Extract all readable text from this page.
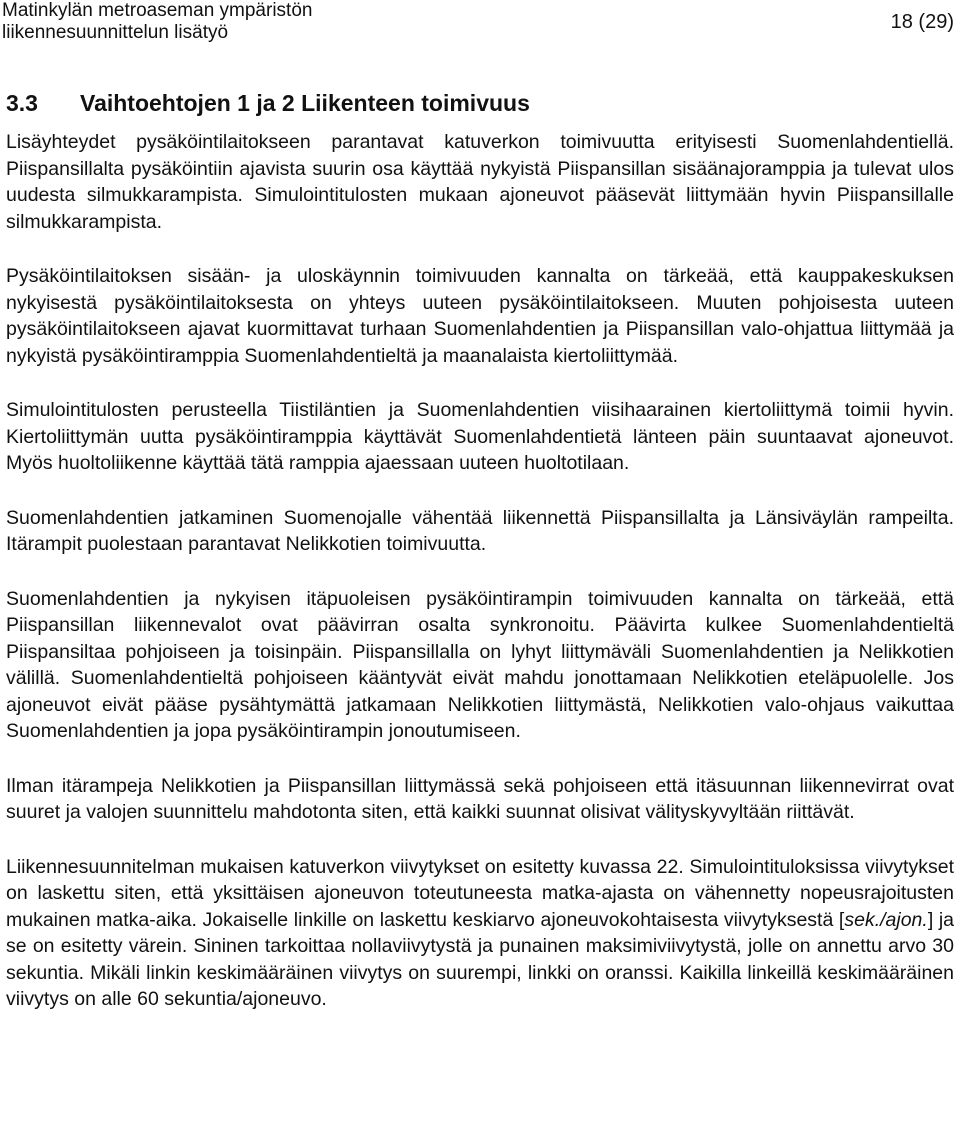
Matinkylän metroaseman ympäristön
liikennesuunnittelun lisätyö	18 (29)
3.3 Vaihtoehtojen 1 ja 2 Liikenteen toimivuus

Lisäyhteydet pysäköintilaitokseen parantavat katuverkon toimivuutta erityisesti Suomenlahdentiellä. Piispansillalta pysäköintiin ajavista suurin osa käyttää nykyistä Piispansillan sisäänajoramppia ja tulevat ulos uudesta silmukkarampista. Simulointitulosten mukaan ajoneuvot pääsevät liittymään hyvin Piispansillalle silmukkarampista.

Pysäköintilaitoksen sisään- ja uloskäynnin toimivuuden kannalta on tärkeää, että kauppakeskuksen nykyisestä pysäköintilaitoksesta on yhteys uuteen pysäköintilaitokseen. Muuten pohjoisesta uuteen pysäköintilaitokseen ajavat kuormittavat turhaan Suomenlahdentien ja Piispansillan valo-ohjattua liittymää ja nykyistä pysäköintiramppia Suomenlahdentieltä ja maanalaista kiertoliittymää.

Simulointitulosten perusteella Tiistiläntien ja Suomenlahdentien viisihaarainen kiertoliittymä toimii hyvin. Kiertoliittymän uutta pysäköintiramppia käyttävät Suomenlahdentietä länteen päin suuntaavat ajoneuvot. Myös huoltoliikenne käyttää tätä ramppia ajaessaan uuteen huoltotilaan.

Suomenlahdentien jatkaminen Suomenojalle vähentää liikennettä Piispansillalta ja Länsiväylän rampeilta. Itärampit puolestaan parantavat Nelikkotien toimivuutta.

Suomenlahdentien ja nykyisen itäpuoleisen pysäköintirampin toimivuuden kannalta on tärkeää, että Piispansillan liikennevalot ovat päävirran osalta synkronoitu. Päävirta kulkee Suomenlahdentieltä Piispansiltaa pohjoiseen ja toisinpäin. Piispansillalla on lyhyt liittymäväli Suomenlahdentien ja Nelikkotien välillä. Suomenlahdentieltä pohjoiseen kääntyvät eivät mahdu jonottamaan Nelikkotien eteläpuolelle. Jos ajoneuvot eivät pääse pysähtymättä jatkamaan Nelikkotien liittymästä, Nelikkotien valo-ohjaus vaikuttaa Suomenlahdentien ja jopa pysäköintirampin jonoutumiseen.

Ilman itärampeja Nelikkotien ja Piispansillan liittymässä sekä pohjoiseen että itäsuunnan liikennevirrat ovat suuret ja valojen suunnittelu mahdotonta siten, että kaikki suunnat olisivat välityskyvyltään riittävät.

Liikennesuunnitelman mukaisen katuverkon viivytykset on esitetty kuvassa 22. Simulointituloksissa viivytykset on laskettu siten, että yksittäisen ajoneuvon toteutuneesta matka-ajasta on vähennetty nopeusrajoitusten mukainen matka-aika. Jokaiselle linkille on laskettu keskiarvo ajoneuvokohtaisesta viivytyksestä [sek./ajon.] ja se on esitetty värein. Sininen tarkoittaa nollaviivytystä ja punainen maksimiviivytystä, jolle on annettu arvo 30 sekuntia. Mikäli linkin keskimääräinen viivytys on suurempi, linkki on oranssi. Kaikilla linkeillä keskimääräinen viivytys on alle 60 sekuntia/ajoneuvo.
